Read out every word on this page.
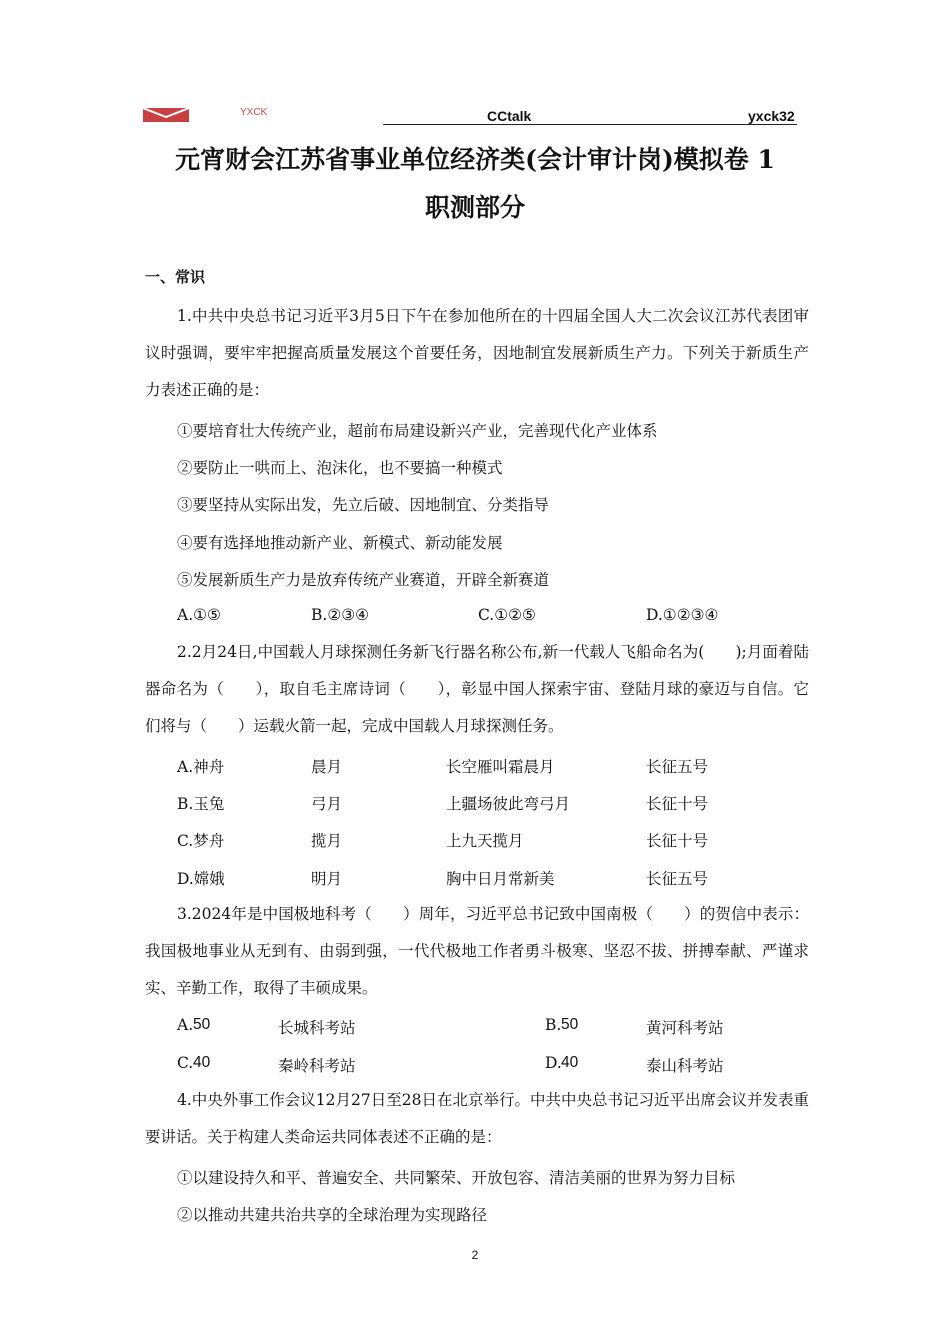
YXCK	CCtalk	yxck32
元宵财会江苏省事业单位经济类(会计审计岗)模拟卷 1
职测部分
一、常识
1.中共中央总书记习近平3月5日下午在参加他所在的十四届全国人大二次会议江苏代表团审议时强调，要牢牢把握高质量发展这个首要任务，因地制宜发展新质生产力。下列关于新质生产力表述正确的是：
①要培育壮大传统产业，超前布局建设新兴产业，完善现代化产业体系
②要防止一哄而上、泡沫化，也不要搞一种模式
③要坚持从实际出发，先立后破、因地制宜、分类指导
④要有选择地推动新产业、新模式、新动能发展
⑤发展新质生产力是放弃传统产业赛道，开辟全新赛道
A.①⑤	B.②③④	C.①②⑤	D.①②③④
2.2月24日,中国载人月球探测任务新飞行器名称公布,新一代载人飞船命名为(　　);月面着陆器命名为（　　），取自毛主席诗词（　　），彰显中国人探索宇宙、登陆月球的豪迈与自信。它们将与（　　）运载火箭一起，完成中国载人月球探测任务。
A.神舟	晨月	长空雁叫霜晨月	长征五号
B.玉兔	弓月	上疆场彼此弯弓月	长征十号
C.梦舟	揽月	上九天揽月	长征十号
D.嫦娥	明月	胸中日月常新美	长征五号
3.2024年是中国极地科考（　　）周年，习近平总书记致中国南极（　　）的贺信中表示：我国极地事业从无到有、由弱到强，一代代极地工作者勇斗极寒、坚忍不拔、拼搏奉献、严谨求实、辛勤工作，取得了丰硕成果。
A. 50	长城科考站	B. 50	黄河科考站
C. 40	秦岭科考站	D. 40	泰山科考站
4.中央外事工作会议12月27日至28日在北京举行。中共中央总书记习近平出席会议并发表重要讲话。关于构建人类命运共同体表述不正确的是：
①以建设持久和平、普遍安全、共同繁荣、开放包容、清洁美丽的世界为努力目标
②以推动共建共治共享的全球治理为实现路径
2
